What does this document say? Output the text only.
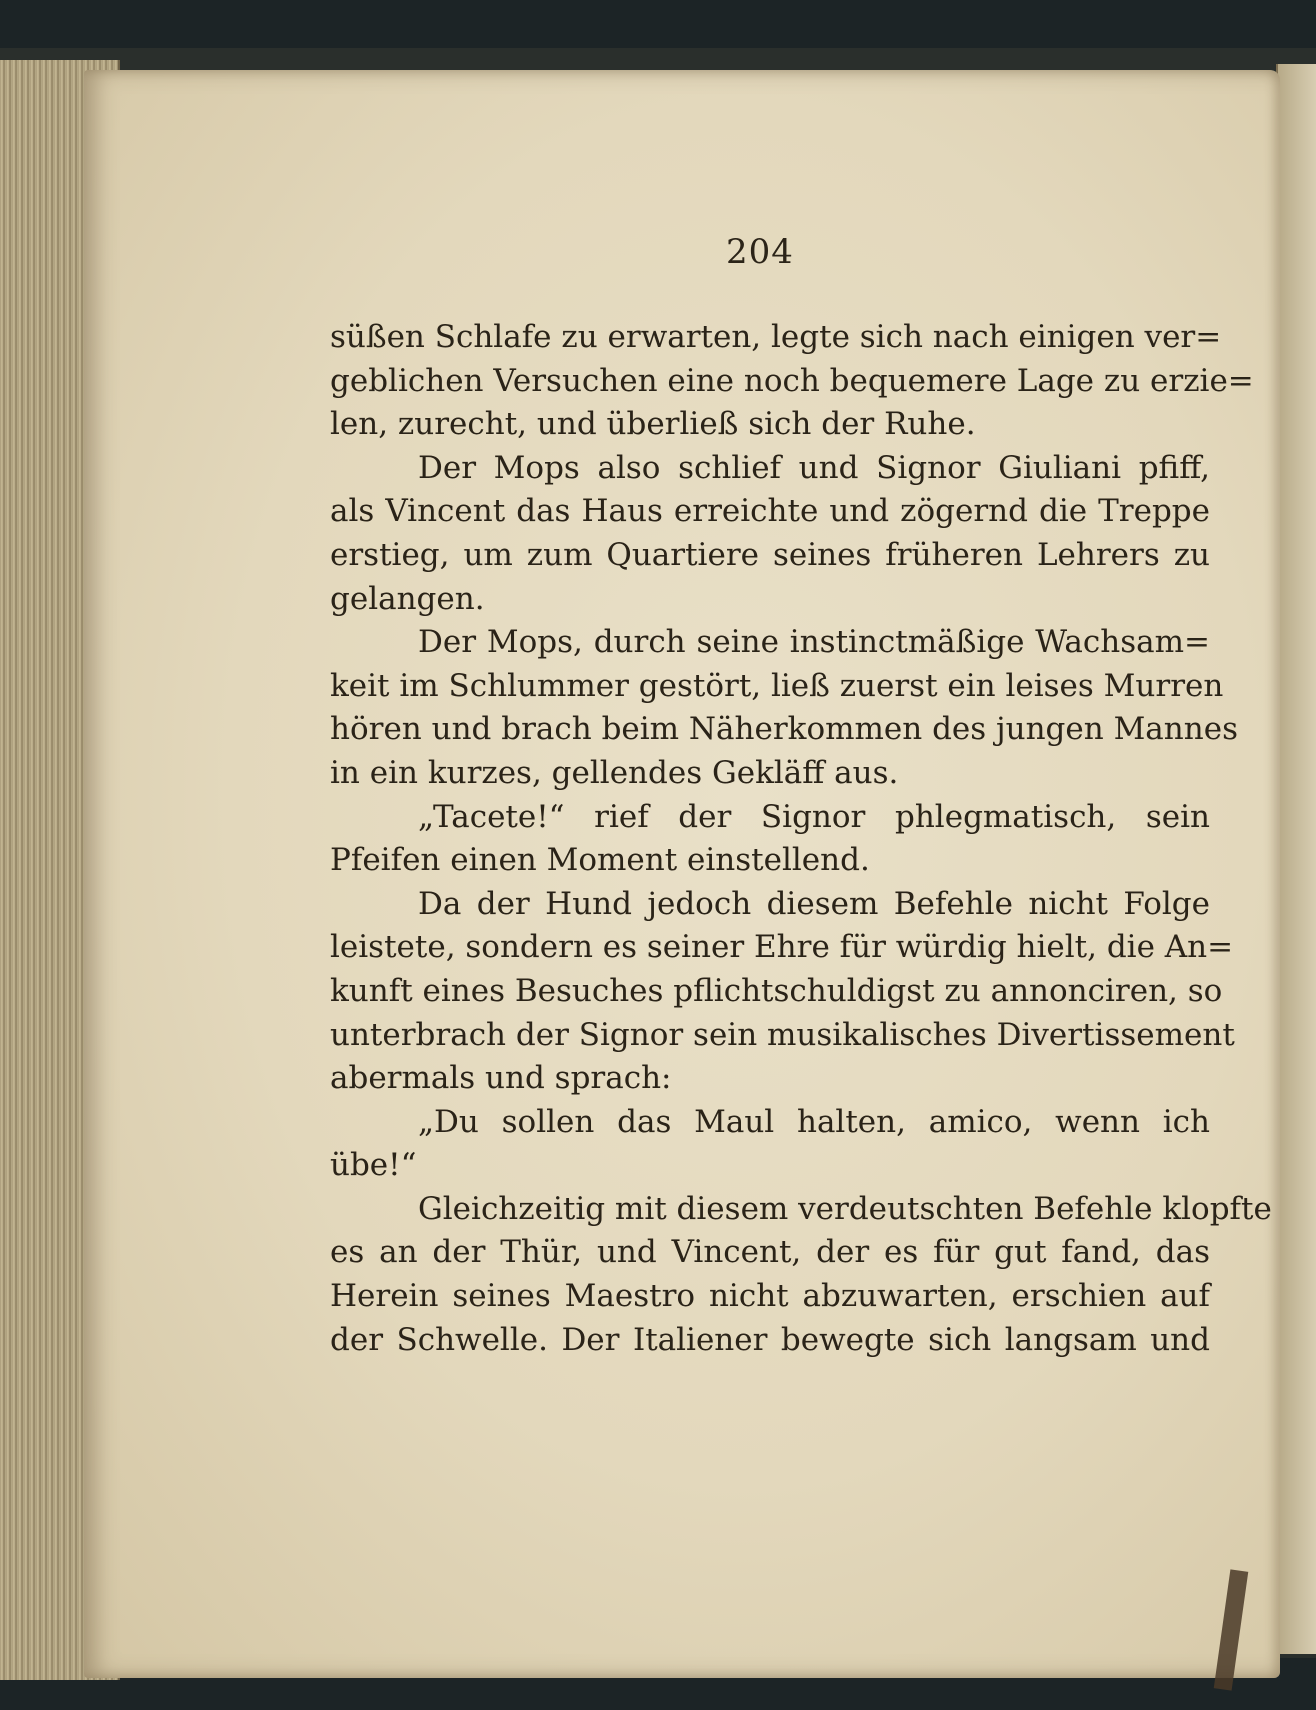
204
süßen Schlafe zu erwarten, legte sich nach einigen ver=
geblichen Versuchen eine noch bequemere Lage zu erzie=
len, zurecht, und überließ sich der Ruhe.
Der Mops also schlief und Signor Giuliani pfiff,
als Vincent das Haus erreichte und zögernd die Treppe
erstieg, um zum Quartiere seines früheren Lehrers zu
gelangen.
Der Mops, durch seine instinctmäßige Wachsam=
keit im Schlummer gestört, ließ zuerst ein leises Murren
hören und brach beim Näherkommen des jungen Mannes
in ein kurzes, gellendes Gekläff aus.
„Tacete!“ rief der Signor phlegmatisch, sein
Pfeifen einen Moment einstellend.
Da der Hund jedoch diesem Befehle nicht Folge
leistete, sondern es seiner Ehre für würdig hielt, die An=
kunft eines Besuches pflichtschuldigst zu annonciren, so
unterbrach der Signor sein musikalisches Divertissement
abermals und sprach:
„Du sollen das Maul halten, amico, wenn ich
übe!“
Gleichzeitig mit diesem verdeutschten Befehle klopfte
es an der Thür, und Vincent, der es für gut fand, das
Herein seines Maestro nicht abzuwarten, erschien auf
der Schwelle. Der Italiener bewegte sich langsam und
